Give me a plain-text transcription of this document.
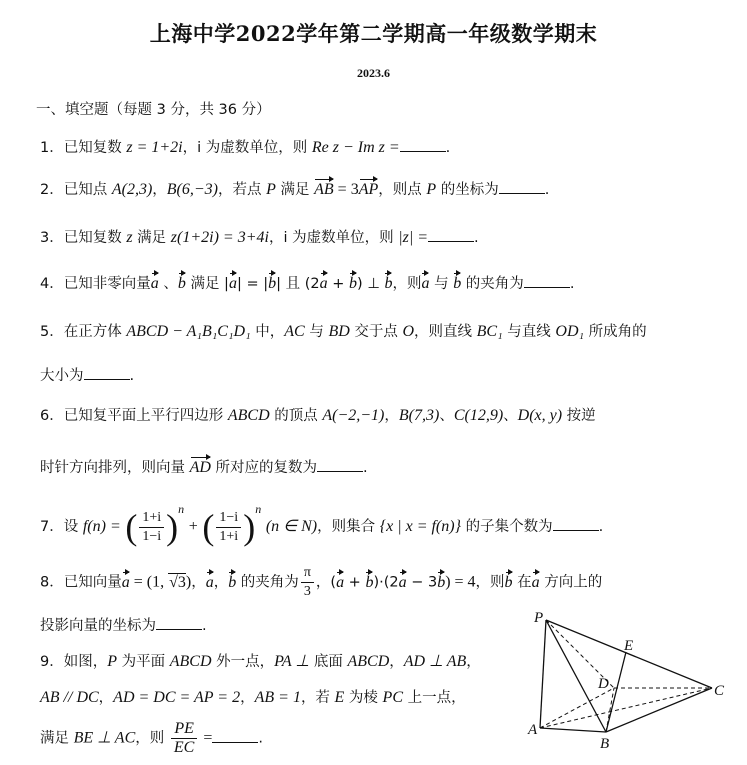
上海中学2022学年第二学期高一年级数学期末
2023.6
一、填空题（每题 3 分，共 36 分）
1．已知复数 z = 1+2i，i 为虚数单位，则 Re z − Im z =	.
2．已知点 A(2,3)，B(6,−3)，若点 P 满足 AB = 3AP，则点 P 的坐标为	.
3．已知复数 z 满足 z(1+2i) = 3+4i，i 为虚数单位，则 |z| =	.
4．已知非零向量a 、b 满足 |a| = |b| 且 (2a + b) ⊥ b，则a 与 b 的夹角为	.
5．在正方体 ABCD − A₁B₁C₁D₁ 中，AC 与 BD 交于点 O，则直线 BC₁ 与直线 OD₁ 所成角的
大小为	.
6．已知复平面上平行四边形 ABCD 的顶点 A(−2,−1)，B(7,3)、C(12,9)、D(x, y) 按逆
时针方向排列，则向量 AD 所对应的复数为	.
7．设 f(n) = ( $\frac{1+i}{1-i} )^n$ + ( $\frac{1-i}{1+i} )^n$ (n ∈ N)，则集合 {x | x = f(n)} 的子集个数为	.
8．已知向量a = (1, √3)，a，b 的夹角为 $\frac{\pi}{3}$ ，(a + b)·(2a − 3b) = 4，则b 在a 方向上的
投影向量的坐标为	.
9．如图，P 为平面 ABCD 外一点，PA ⊥ 底面 ABCD，AD ⊥ AB，
AB // DC，AD = DC = AP = 2，AB = 1，若 E 为棱 PC 上一点，
满足 BE ⊥ AC，则 $\frac{PE}{EC}$ =	.
P
E
D	C
A
B
